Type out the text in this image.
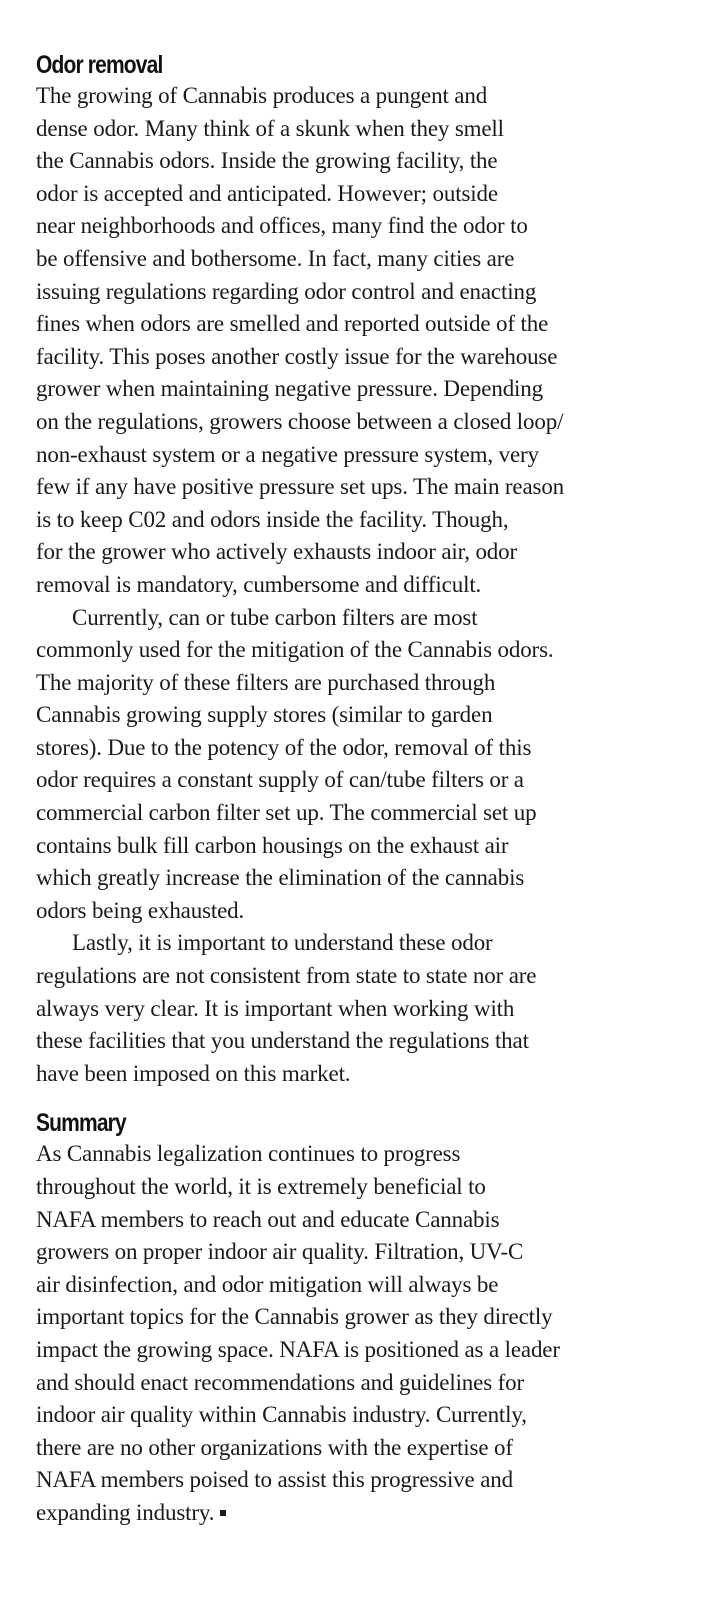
Odor removal
The growing of Cannabis produces a pungent and
dense odor. Many think of a skunk when they smell
the Cannabis odors. Inside the growing facility, the
odor is accepted and anticipated. However; outside
near neighborhoods and offices, many find the odor to
be offensive and bothersome. In fact, many cities are
issuing regulations regarding odor control and enacting
fines when odors are smelled and reported outside of the
facility. This poses another costly issue for the warehouse
grower when maintaining negative pressure. Depending
on the regulations, growers choose between a closed loop/
non-exhaust system or a negative pressure system, very
few if any have positive pressure set ups. The main reason
is to keep C02 and odors inside the facility. Though,
for the grower who actively exhausts indoor air, odor
removal is mandatory, cumbersome and difficult.
Currently, can or tube carbon filters are most
commonly used for the mitigation of the Cannabis odors.
The majority of these filters are purchased through
Cannabis growing supply stores (similar to garden
stores). Due to the potency of the odor, removal of this
odor requires a constant supply of can/tube filters or a
commercial carbon filter set up. The commercial set up
contains bulk fill carbon housings on the exhaust air
which greatly increase the elimination of the cannabis
odors being exhausted.
Lastly, it is important to understand these odor
regulations are not consistent from state to state nor are
always very clear. It is important when working with
these facilities that you understand the regulations that
have been imposed on this market.
Summary
As Cannabis legalization continues to progress
throughout the world, it is extremely beneficial to
NAFA members to reach out and educate Cannabis
growers on proper indoor air quality. Filtration, UV-C
air disinfection, and odor mitigation will always be
important topics for the Cannabis grower as they directly
impact the growing space. NAFA is positioned as a leader
and should enact recommendations and guidelines for
indoor air quality within Cannabis industry. Currently,
there are no other organizations with the expertise of
NAFA members poised to assist this progressive and
expanding industry.
